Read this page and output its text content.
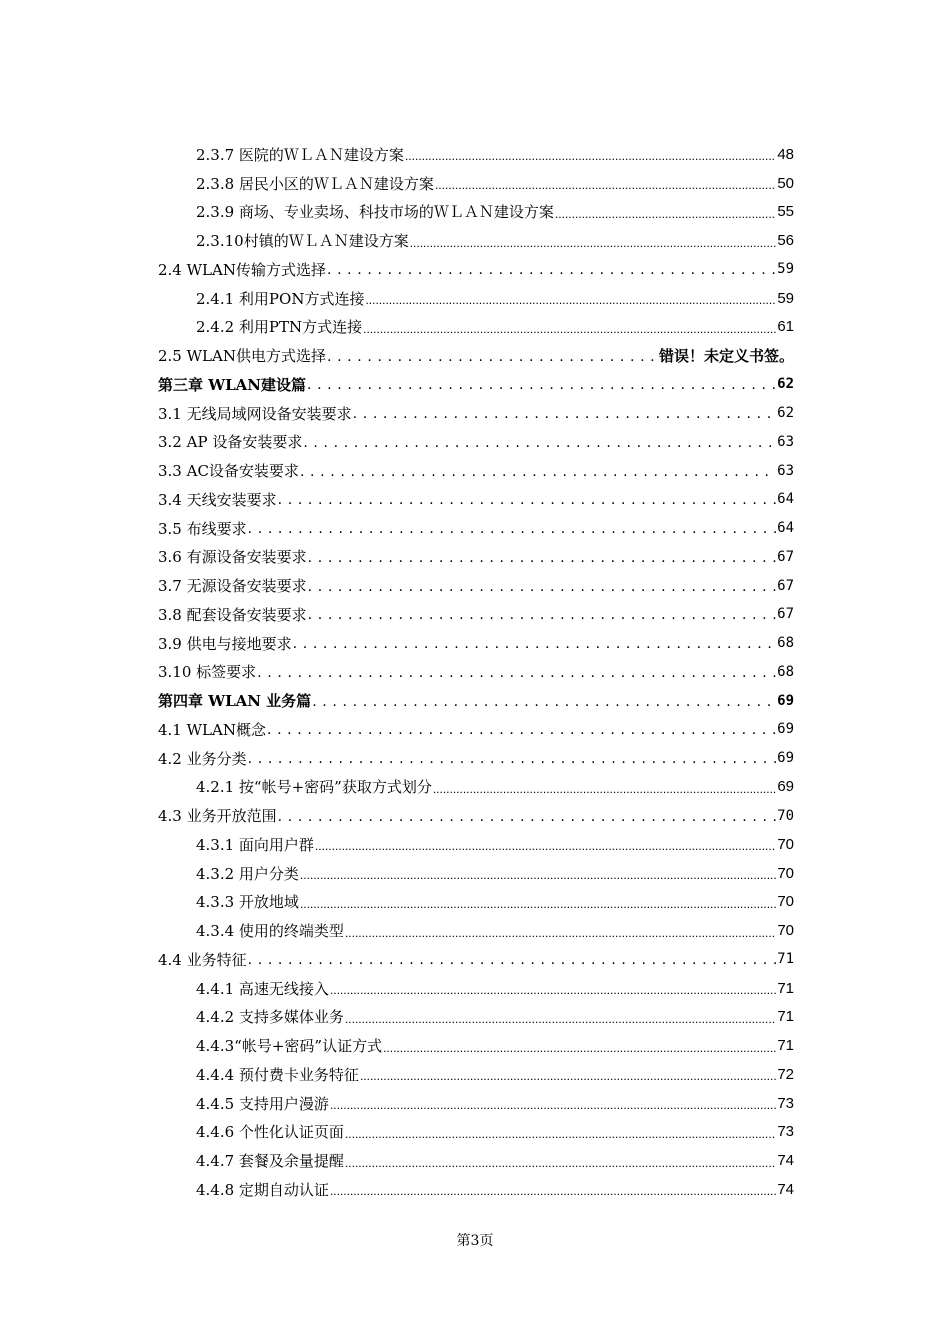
2.3.7 医院的ＷＬＡＮ建设方案 .....	48
2.3.8 居民小区的ＷＬＡＮ建设方案 .....	50
2.3.9 商场、专业卖场、科技市场的ＷＬＡＮ建设方案 .....	55
2.3.10村镇的ＷＬＡＮ建设方案 .....	56
2.4 WLAN传输方式选择 . . .	59
2.4.1 利用PON方式连接 .....	59
2.4.2 利用PTN方式连接 .....	61
2.5 WLAN供电方式选择 . . .	错误！未定义书签。
第三章 WLAN建设篇 . . .	62
3.1 无线局域网设备安装要求 . . .	62
3.2 AP 设备安装要求 . . .	63
3.3 AC设备安装要求 . . .	63
3.4 天线安装要求 . . .	64
3.5 布线要求 . . .	64
3.6 有源设备安装要求 . . .	67
3.7 无源设备安装要求 . . .	67
3.8 配套设备安装要求 . . .	67
3.9 供电与接地要求 . . .	68
3.10 标签要求 . . .	68
第四章 WLAN 业务篇 . . .	69
4.1 WLAN概念 . . .	69
4.2 业务分类 . . .	69
4.2.1 按“帐号+密码”获取方式划分 .....	69
4.3 业务开放范围 . . .	70
4.3.1 面向用户群 .....	70
4.3.2 用户分类 .....	70
4.3.3 开放地域 .....	70
4.3.4 使用的终端类型 .....	70
4.4 业务特征 . . .	71
4.4.1 高速无线接入 .....	71
4.4.2 支持多媒体业务 .....	71
4.4.3“帐号+密码”认证方式 .....	71
4.4.4 预付费卡业务特征 .....	72
4.4.5 支持用户漫游 .....	73
4.4.6 个性化认证页面 .....	73
4.4.7 套餐及余量提醒 .....	74
4.4.8 定期自动认证 .....	74
第3页
